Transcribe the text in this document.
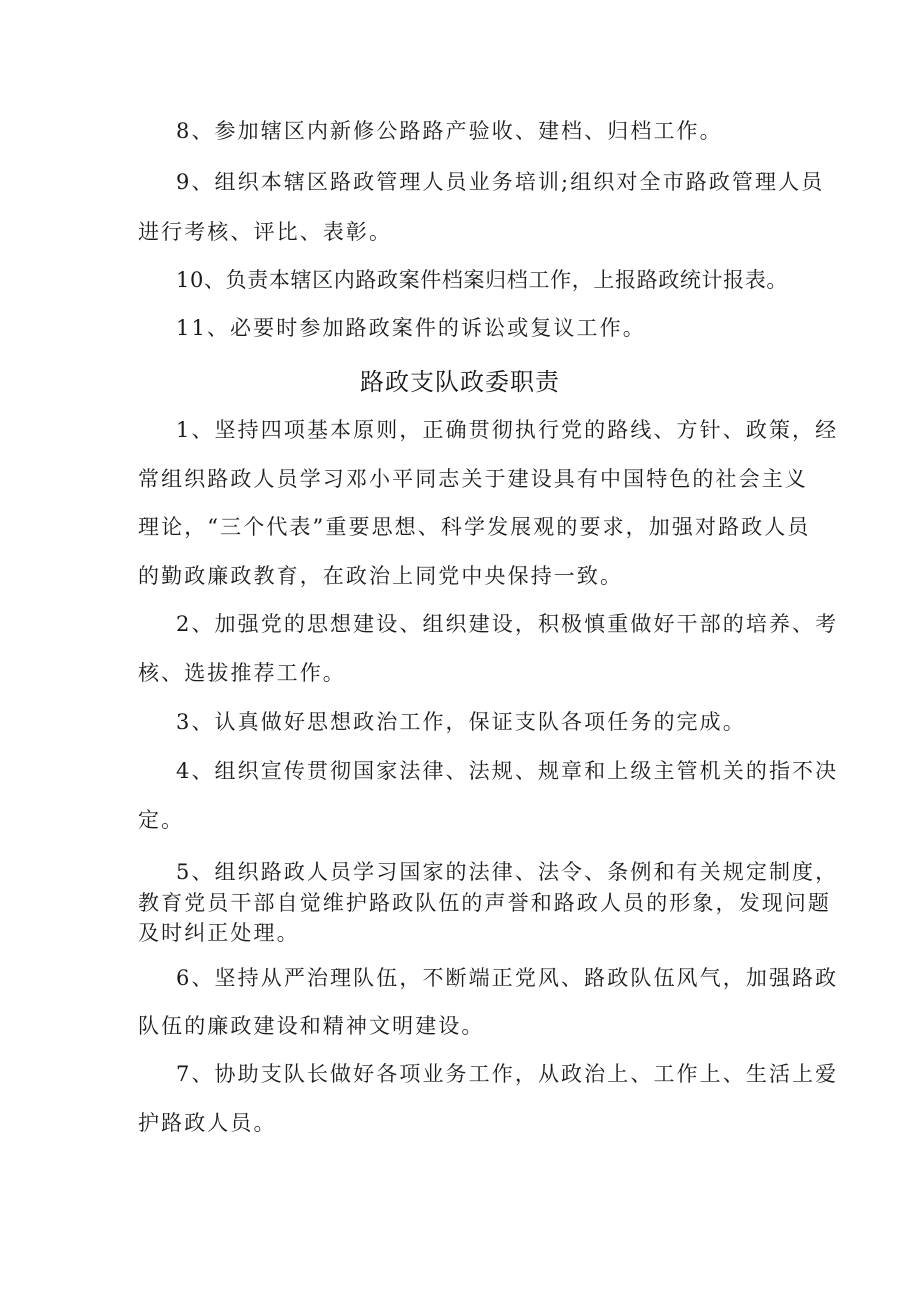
8、参加辖区内新修公路路产验收、建档、归档工作。
9、组织本辖区路政管理人员业务培训;组织对全市路政管理人员
进行考核、评比、表彰。
10、负责本辖区内路政案件档案归档工作，上报路政统计报表。
11、必要时参加路政案件的诉讼或复议工作。
路政支队政委职责
1、坚持四项基本原则，正确贯彻执行党的路线、方针、政策，经
常组织路政人员学习邓小平同志关于建设具有中国特色的社会主义
理论，“三个代表”重要思想、科学发展观的要求，加强对路政人员
的勤政廉政教育，在政治上同党中央保持一致。
2、加强党的思想建设、组织建设，积极慎重做好干部的培养、考
核、选拔推荐工作。
3、认真做好思想政治工作，保证支队各项任务的完成。
4、组织宣传贯彻国家法律、法规、规章和上级主管机关的指不决
定。
5、组织路政人员学习国家的法律、法令、条例和有关规定制度，
教育党员干部自觉维护路政队伍的声誉和路政人员的形象，发现问题
及时纠正处理。
6、坚持从严治理队伍，不断端正党风、路政队伍风气，加强路政
队伍的廉政建设和精神文明建设。
7、协助支队长做好各项业务工作，从政治上、工作上、生活上爱
护路政人员。
